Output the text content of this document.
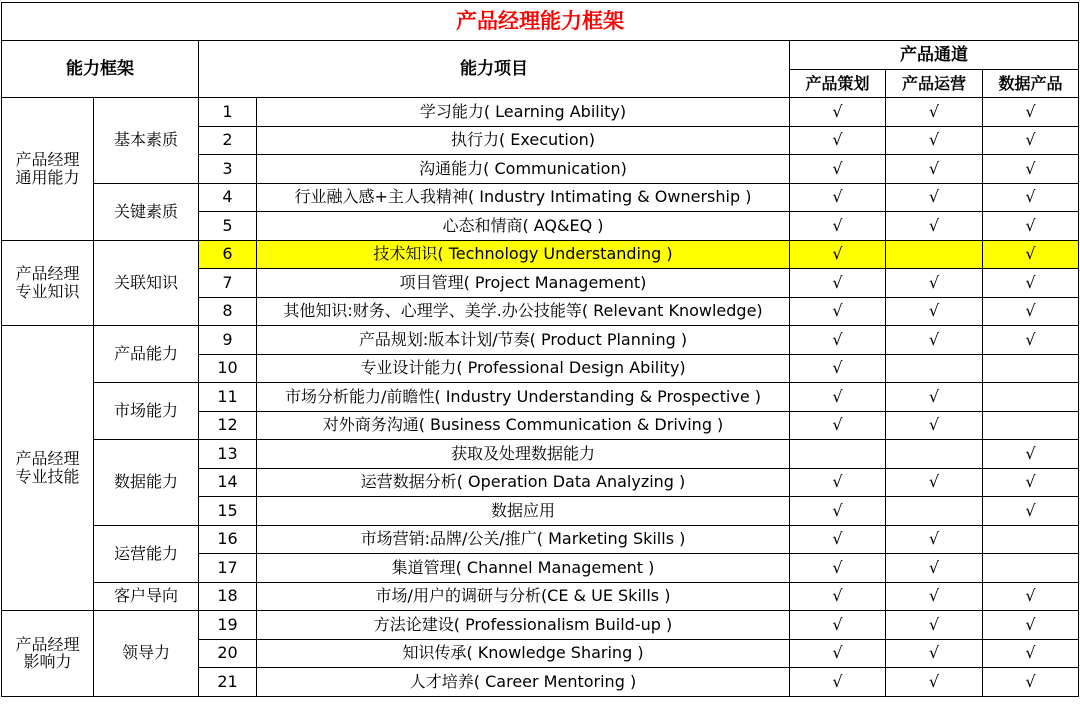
产品经理能力框架						
能力框架		能力项目		产品通道		
				产品策划	产品运营	数据产品
产品经理
通用能力	基本素质	1	学习能力( Learning Ability)	√	√	√
		2	执行力( Execution)	√	√	√
		3	沟通能力( Communication)	√	√	√
	关键素质	4	行业融入感+主人我精神( Industry Intimating & Ownership )	√	√	√
		5	心态和情商( AQ&EQ )	√	√	√
产品经理
专业知识	关联知识	6	技术知识( Technology Understanding )	√		√
		7	项目管理( Project Management)	√	√	√
		8	其他知识:财务、心理学、美学.办公技能等( Relevant Knowledge)	√	√	√
产品经理
专业技能	产品能力	9	产品规划:版本计划/节奏( Product Planning )	√	√	√
		10	专业设计能力( Professional Design Ability)	√		
	市场能力	11	市场分析能力/前瞻性( Industry Understanding & Prospective )	√	√	
		12	对外商务沟通( Business Communication & Driving )	√	√	
	数据能力	13	获取及处理数据能力			√
		14	运营数据分析( Operation Data Analyzing )	√	√	√
		15	数据应用	√		√
	运营能力	16	市场营销:品牌/公关/推广( Marketing Skills )	√	√	
		17	集道管理( Channel Management )	√	√	
	客户导向	18	市场/用户的调研与分析(CE & UE Skills )	√	√	√
产品经理
影响力	领导力	19	方法论建设( Professionalism Build-up )	√	√	√
		20	知识传承( Knowledge Sharing )	√	√	√
		21	人才培养( Career Mentoring )	√	√	√
